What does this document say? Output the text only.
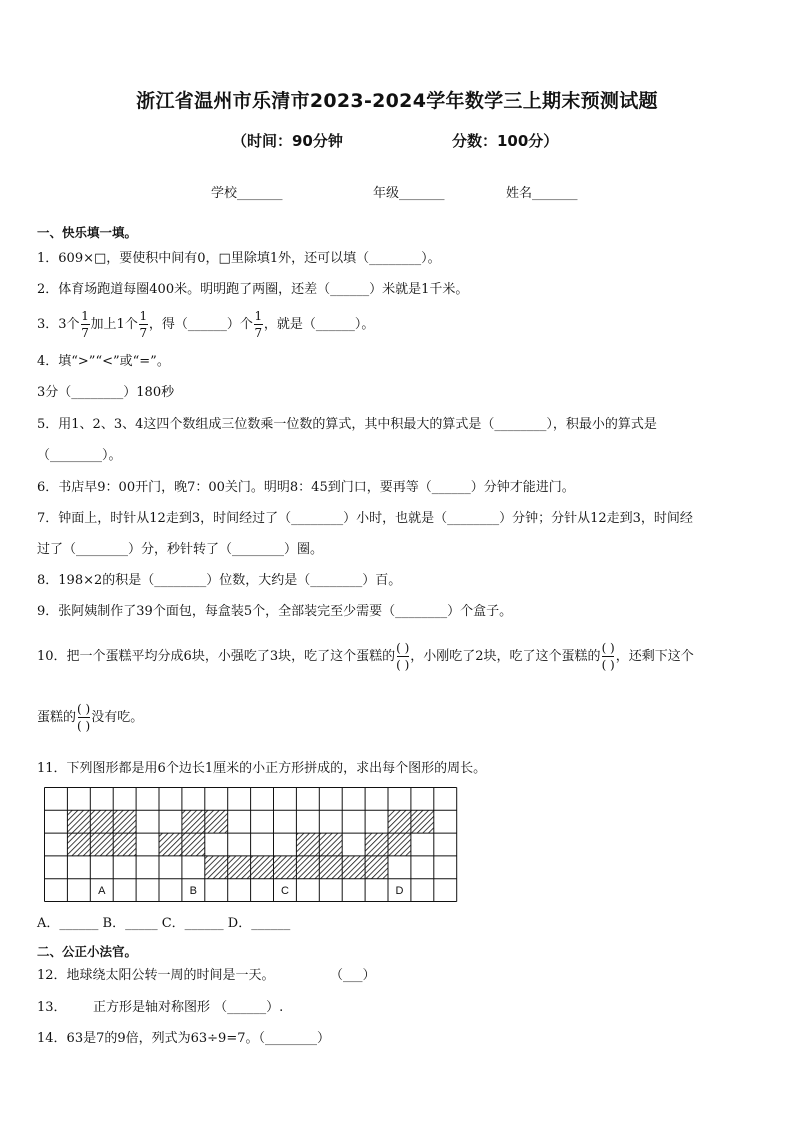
浙江省温州市乐清市2023-2024学年数学三上期末预测试题
（时间：90分钟	分数：100分）
学校_______	年级_______	姓名_______
一、快乐填一填。
1．609×□，要使积中间有0，□里除填1外，还可以填（________）。
2．体育场跑道每圈400米。明明跑了两圈，还差（______）米就是1千米。
3．3个 $\frac{1}{7}$ 加上1个 $\frac{1}{7}$ ，得（______）个 $\frac{1}{7}$ ，就是（______）。
4．填“>”“<”或“=”。
3分（________）180秒
5．用1、2、3、4这四个数组成三位数乘一位数的算式，其中积最大的算式是（________），积最小的算式是
（________）。
6．书店早9：00开门，晚7：00关门。明明8：45到门口，要再等（______）分钟才能进门。
7．钟面上，时针从12走到3，时间经过了（________）小时，也就是（________）分钟；分针从12走到3，时间经
过了（________）分，秒针转了（________）圈。
8．198×2的积是（________）位数，大约是（________）百。
9．张阿姨制作了39个面包，每盒装5个，全部装完至少需要（________）个盒子。
10．把一个蛋糕平均分成6块，小强吃了3块，吃了这个蛋糕的 $\frac{( )}{( )}$ ，小刚吃了2块，吃了这个蛋糕的 $\frac{( )}{( )}$ ，还剩下这个
蛋糕的 $\frac{( )}{( )}$ 没有吃。
11．下列图形都是用6个边长1厘米的小正方形拼成的，求出每个图形的周长。
A	B	C	D
A．______ B．_____ C．______ D．______
二、公正小法官。
12．地球绕太阳公转一周的时间是一天。	（___）
13． 正方形是轴对称图形 （______）.
14．63是7的9倍，列式为63÷9=7。（________）
